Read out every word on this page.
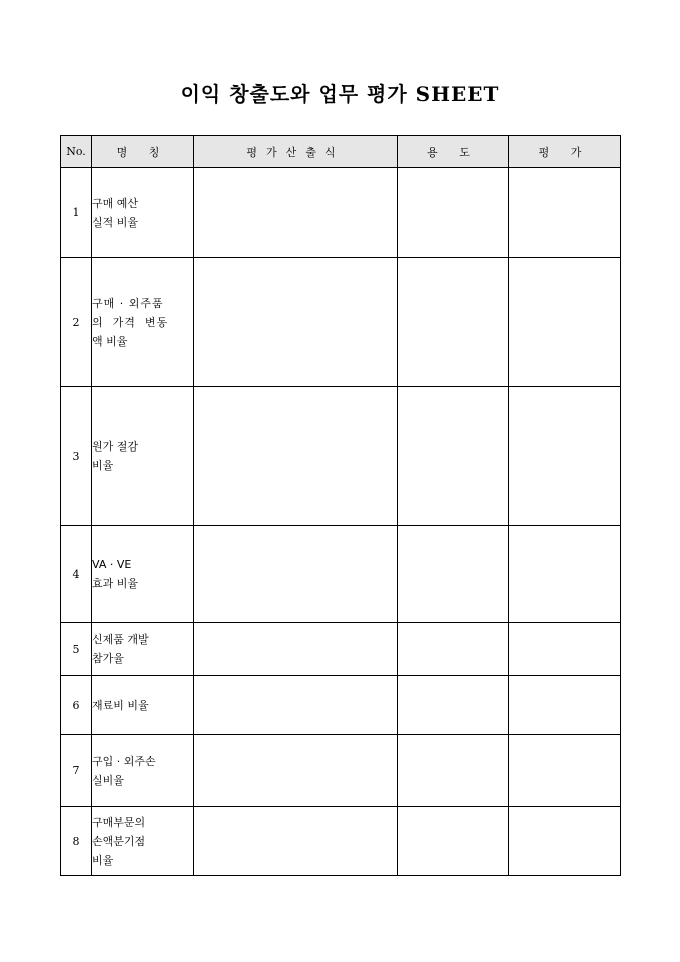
이익 창출도와 업무 평가 SHEET
No.	명 칭	평가산출식	용 도	평 가
1	구매 예산
실적 비율			

2	구매 · 외주품
의  가격  변동
액 비율			

3	원가 절감
비율			

4	VA · VE
효과 비율			

5	신제품 개발
참가율			

6	재료비 비율			

7	구입 · 외주손
실비율			

8	구매부문의
손액분기점
비율			
